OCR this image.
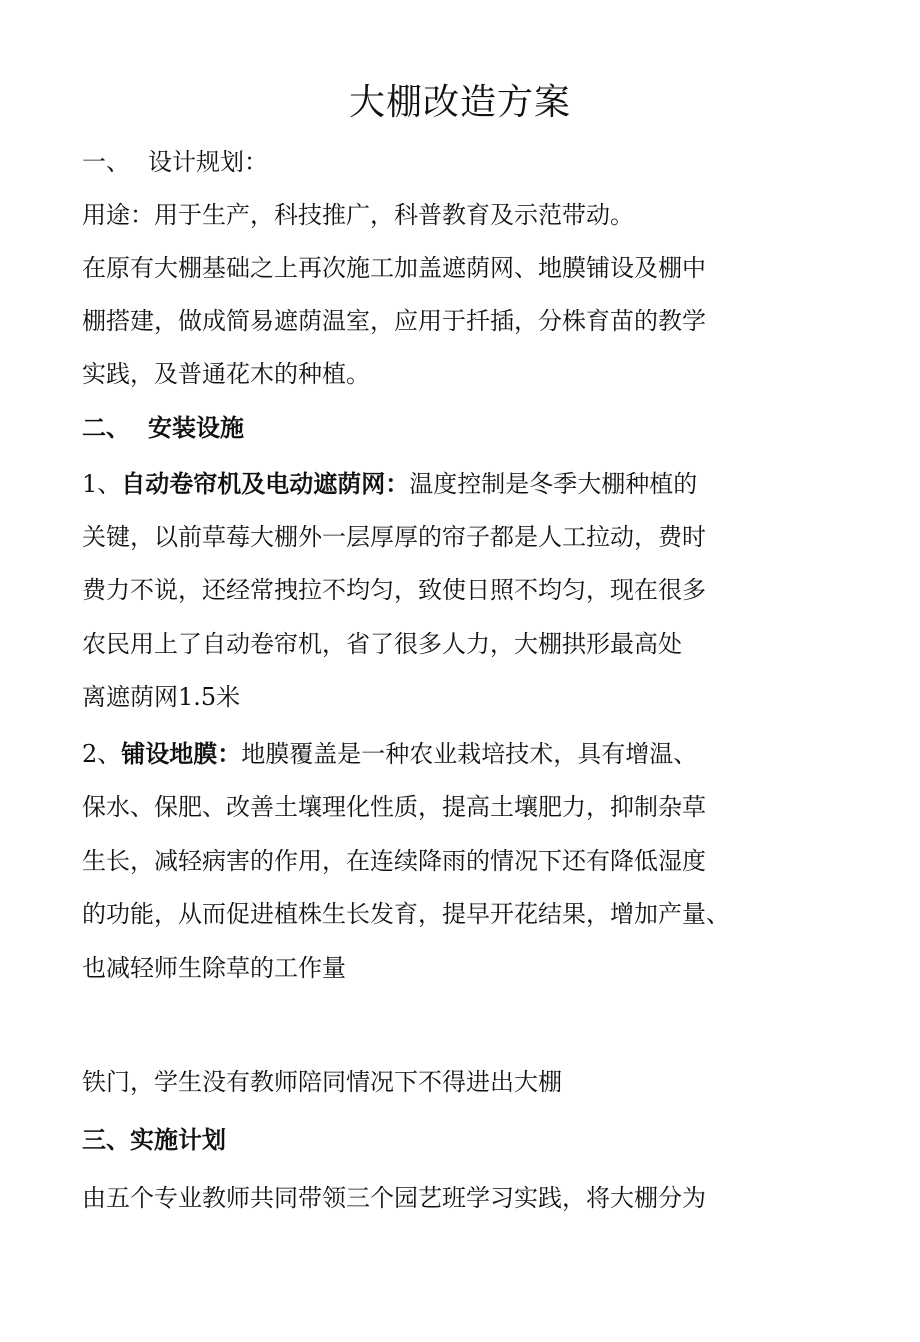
大棚改造方案

一、 设计规划：

用途：用于生产，科技推广，科普教育及示范带动。

在原有大棚基础之上再次施工加盖遮荫网、地膜铺设及棚中

棚搭建，做成简易遮荫温室，应用于扦插，分株育苗的教学

实践，及普通花木的种植。

二、 安装设施

1、自动卷帘机及电动遮荫网：温度控制是冬季大棚种植的

关键，以前草莓大棚外一层厚厚的帘子都是人工拉动，费时

费力不说，还经常拽拉不均匀，致使日照不均匀，现在很多

农民用上了自动卷帘机，省了很多人力，大棚拱形最高处

离遮荫网1.5米

2、铺设地膜：地膜覆盖是一种农业栽培技术，具有增温、

保水、保肥、改善土壤理化性质，提高土壤肥力，抑制杂草

生长，减轻病害的作用，在连续降雨的情况下还有降低湿度

的功能，从而促进植株生长发育，提早开花结果，增加产量、

也减轻师生除草的工作量

铁门，学生没有教师陪同情况下不得进出大棚

三、实施计划

由五个专业教师共同带领三个园艺班学习实践，将大棚分为
